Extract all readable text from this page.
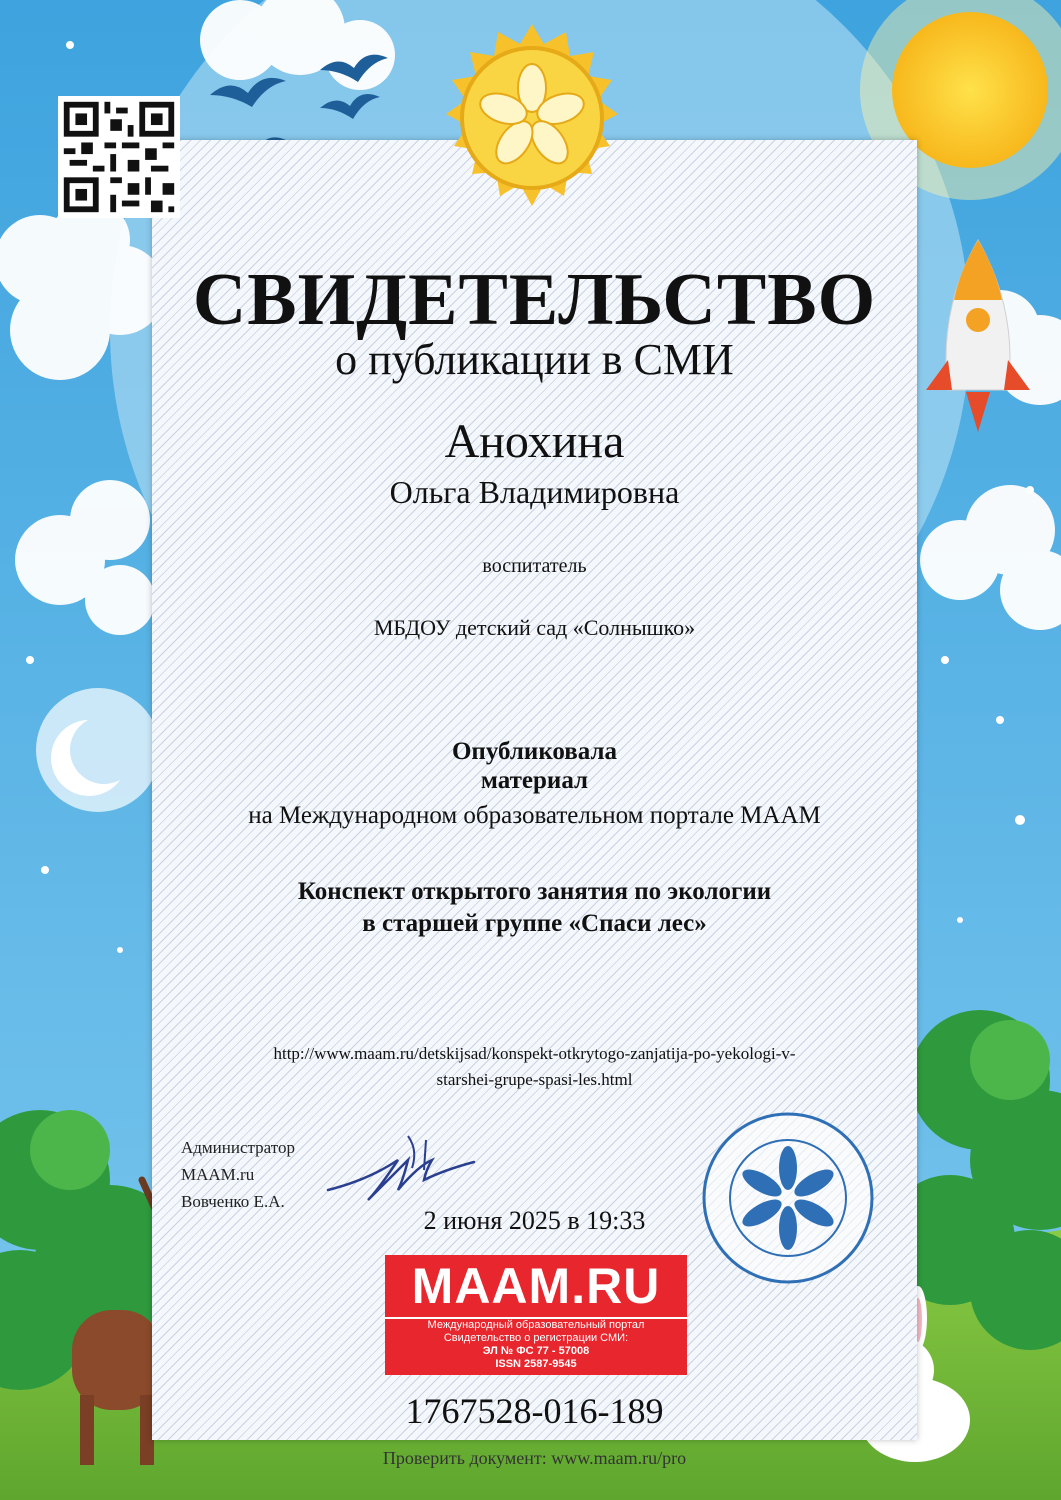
СВИДЕТЕЛЬСТВО

о публикации в СМИ

Анохина

Ольга Владимировна

воспитатель

МБДОУ детский сад «Солнышко»

Опубликовала

материал

на Международном образовательном портале МААМ

Конспект открытого занятия по экологии

в старшей группе «Спаси лес»

http://www.maam.ru/detskijsad/konspekt-otkrytogo-zanjatija-po-yekologi-v-

starshei-grupe-spasi-les.html

Администратор

MAAM.ru

Вовченко Е.А.

2 июня 2025 в 19:33

MAAM.RU

Международный образовательный портал

Свидетельство о регистрации СМИ:

ЭЛ № ФС 77 - 57008

ISSN 2587-9545

1767528-016-189

Проверить документ: www.maam.ru/pro
